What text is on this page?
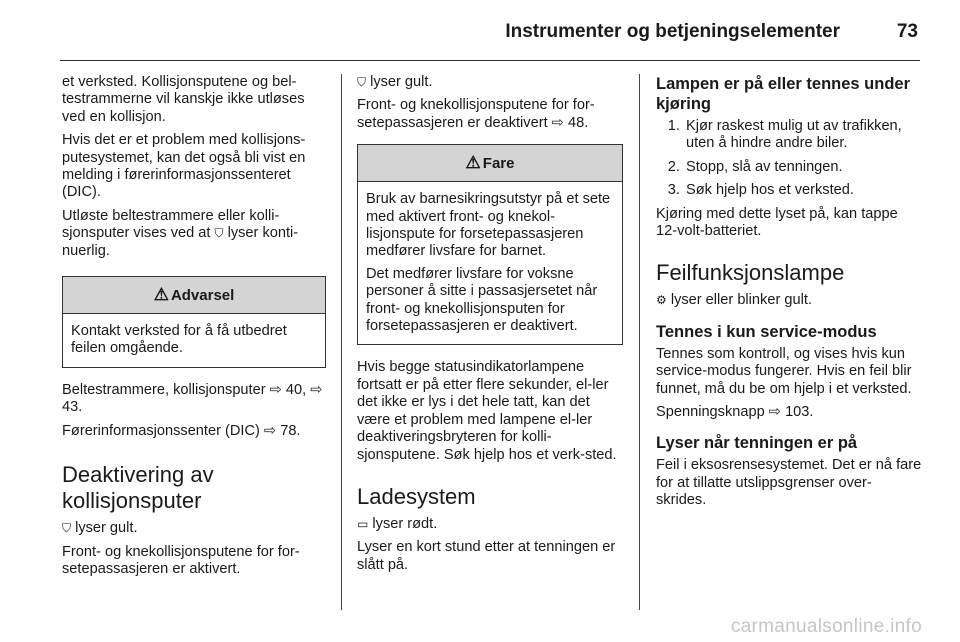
Instrumenter og betjeningselementer	73

et verksted. Kollisjonsputene og bel-testrammerne vil kanskje ikke utløses ved en kollisjon.

Hvis det er et problem med kollisjons-putesystemet, kan det også bli vist en melding i førerinformasjonssenteret (DIC).

Utløste beltestrammere eller kolli-sjonsputer vises ved at ⛉ lyser konti-nuerlig.

⚠ Advarsel

Kontakt verksted for å få utbedret feilen omgående.

Beltestrammere, kollisjonsputer ⇨ 40, ⇨ 43.

Førerinformasjonssenter (DIC) ⇨ 78.

Deaktivering av kollisjonsputer

⛉ lyser gult.

Front- og knekollisjonsputene for for-setepassasjeren er aktivert.

⛉ lyser gult.

Front- og knekollisjonsputene for for-setepassasjeren er deaktivert ⇨ 48.

⚠ Fare

Bruk av barnesikringsutstyr på et sete med aktivert front- og knekol-lisjonspute for forsetepassasjeren medfører livsfare for barnet.

Det medfører livsfare for voksne personer å sitte i passasjersetet når front- og knekollisjonsputen for forsetepassasjeren er deaktivert.

Hvis begge statusindikatorlampene fortsatt er på etter flere sekunder, el-ler det ikke er lys i det hele tatt, kan det være et problem med lampene el-ler deaktiveringsbryteren for kolli-sjonsputene. Søk hjelp hos et verk-sted.

Ladesystem

▭ lyser rødt.

Lyser en kort stund etter at tenningen er slått på.

Lampen er på eller tennes under kjøring
1. Kjør raskest mulig ut av trafikken, uten å hindre andre biler.
2. Stopp, slå av tenningen.
3. Søk hjelp hos et verksted.

Kjøring med dette lyset på, kan tappe 12-volt-batteriet.

Feilfunksjonslampe

⚙ lyser eller blinker gult.

Tennes i kun service-modus

Tennes som kontroll, og vises hvis kun service-modus fungerer. Hvis en feil blir funnet, må du be om hjelp i et verksted.

Spenningsknapp ⇨ 103.

Lyser når tenningen er på

Feil i eksosrensesystemet. Det er nå fare for at tillatte utslippsgrenser over-skrides.

carmanualsonline.info
